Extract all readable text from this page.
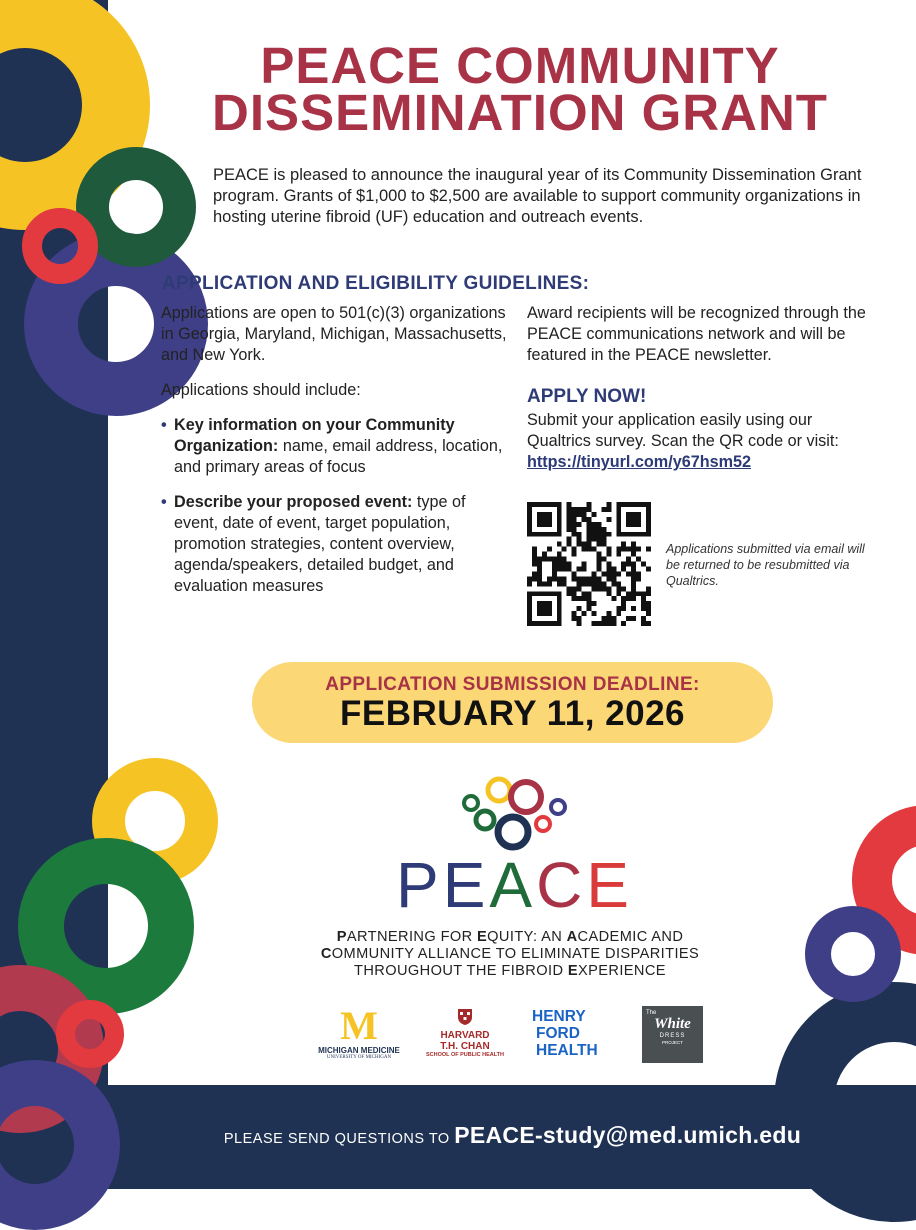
PEACE COMMUNITY
DISSEMINATION GRANT
PEACE is pleased to announce the inaugural year of its Community Dissemination Grant program. Grants of $1,000 to $2,500 are available to support community organizations in hosting uterine fibroid (UF) education and outreach events.
APPLICATION AND ELIGIBILITY GUIDELINES:

Applications are open to 501(c)(3) organizations in Georgia, Maryland, Michigan, Massachusetts, and New York.

Applications should include:

• Key information on your Community Organization: name, email address, location, and primary areas of focus
• Describe your proposed event: type of event, date of event, target population, promotion strategies, content overview, agenda/speakers, detailed budget, and evaluation measures

Award recipients will be recognized through the PEACE communications network and will be featured in the PEACE newsletter.

APPLY NOW!

Submit your application easily using our Qualtrics survey. Scan the QR code or visit: https://tinyurl.com/y67hsm52

Applications submitted via email will be returned to be resubmitted via Qualtrics.
APPLICATION SUBMISSION DEADLINE:
FEBRUARY 11, 2026
PEACE
PARTNERING FOR EQUITY: AN ACADEMIC AND
COMMUNITY ALLIANCE TO ELIMINATE DISPARITIES
THROUGHOUT THE FIBROID EXPERIENCE
M
MICHIGAN MEDICINE
UNIVERSITY OF MICHIGAN
HARVARD
T.H. CHAN
SCHOOL OF PUBLIC HEALTH
HENRY
FORD
HEALTH
The
White
DRESS
PROJECT
PLEASE SEND QUESTIONS TO PEACE-study@med.umich.edu
